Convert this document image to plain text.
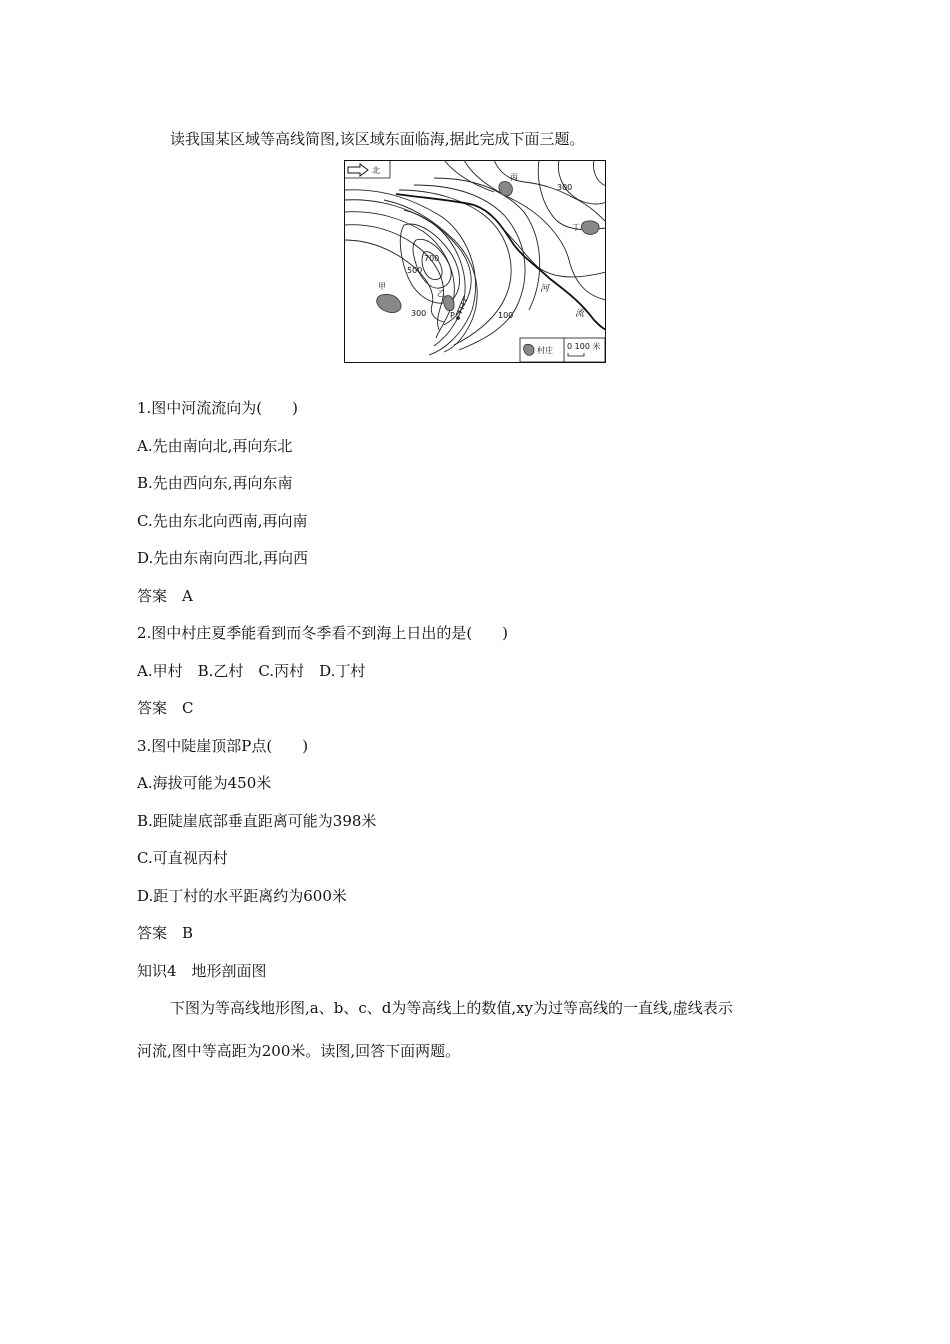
读我国某区域等高线简图,该区域东面临海,据此完成下面三题。
北
P
甲
乙
丙
丁
700
500
300
300
100
河
流
村庄 0 100 米
1.图中河流流向为(　　)
A.先由南向北,再向东北
B.先由西向东,再向东南
C.先由东北向西南,再向南
D.先由东南向西北,再向西
答案　A
2.图中村庄夏季能看到而冬季看不到海上日出的是(　　)
A.甲村　B.乙村　C.丙村　D.丁村
答案　C
3.图中陡崖顶部P点(　　)
A.海拔可能为450米
B.距陡崖底部垂直距离可能为398米
C.可直视丙村
D.距丁村的水平距离约为600米
答案　B
知识4　地形剖面图
下图为等高线地形图,a、b、c、d为等高线上的数值,xy为过等高线的一直线,虚线表示
河流,图中等高距为200米。读图,回答下面两题。
